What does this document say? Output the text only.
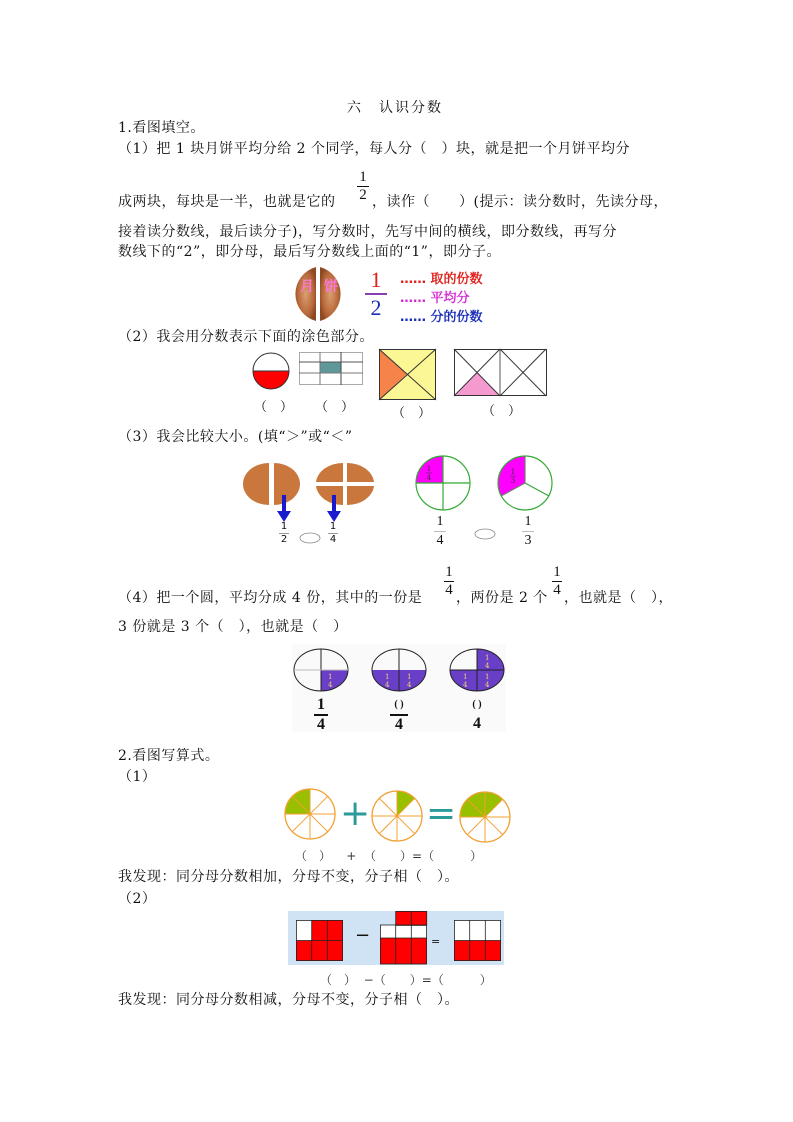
六　认识分数
1.看图填空。
（1）把 1 块月饼平均分给 2 个同学，每人分（　）块，就是把一个月饼平均分
1
2
成两块，每块是一半，也就是它的	，读作（　　）(提示：读分数时，先读分母，
接着读分数线，最后读分子)，写分数时，先写中间的横线，即分数线，再写分
数线下的“2”，即分母，最后写分数线上面的“1”，即分子。
月 饼 1
2
…… 取的份数
…… 平均分
…… 分的份数
（2）我会用分数表示下面的涂色部分。
（　） （　）	（　）	（　）
（3）我会比较大小。(填“＞”或“＜”
1
2
1
4
1
4
1
3
1
4
1
3
1
4
1
4
（4）把一个圆，平均分成 4 份，其中的一份是 ，两份是 2 个 ，也就是（　），
3 份就是 3 个（　），也就是（　）
1
4
1
4
1
4
1
4
1
4
1
4
1
4
( )
4
( )
4
2.看图写算式。
（1）
+ =
（　） + （　　）=（　　　）
我发现：同分母分数相加，分母不变，分子相（　）。
（2）
−	=
（　） −（　　）=（　　　）
我发现：同分母分数相减，分母不变，分子相（　）。
